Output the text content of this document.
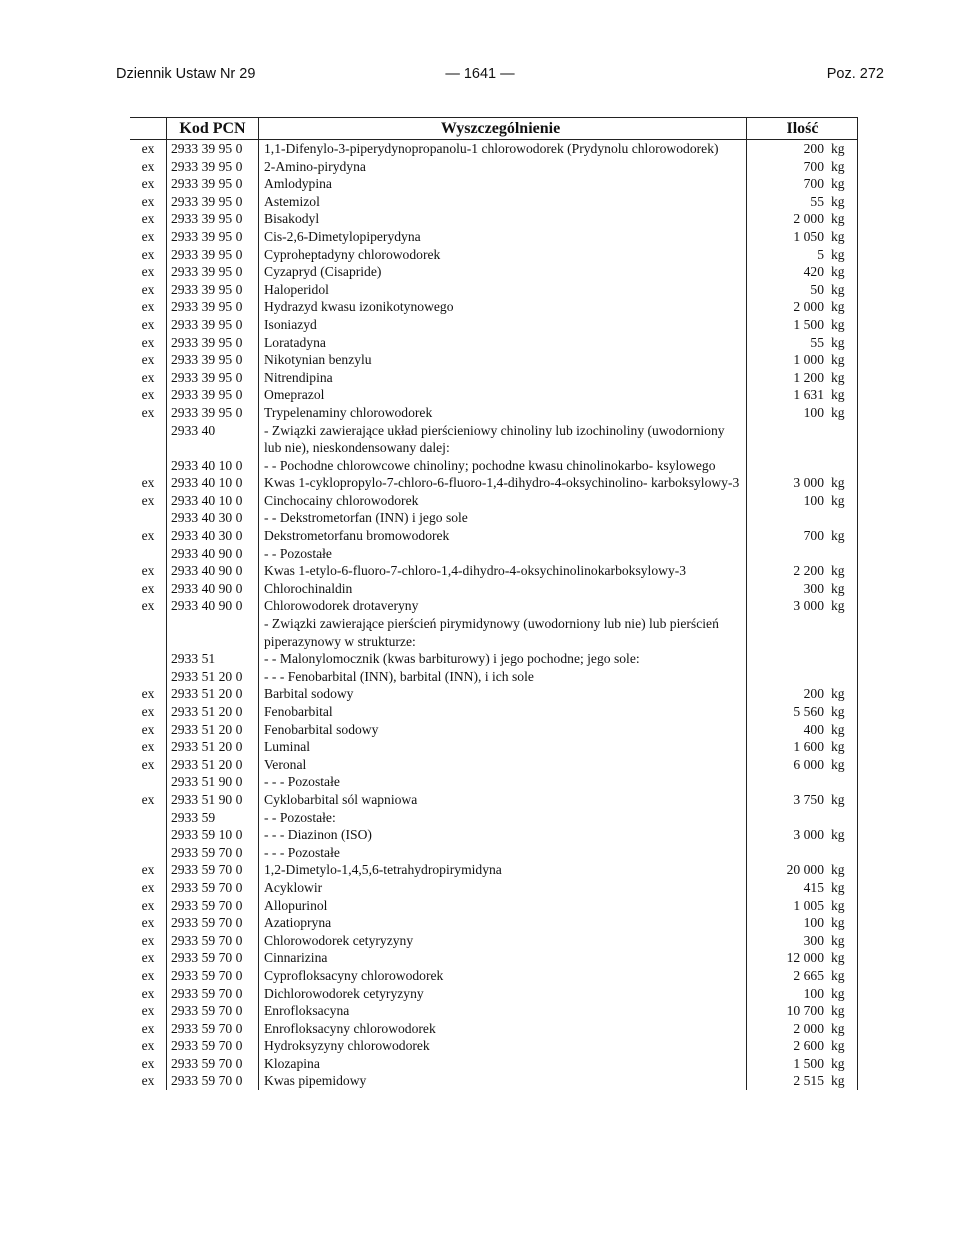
Dziennik Ustaw Nr 29	— 1641 —	Poz. 272
Kod PCN	Wyszczególnienie	Ilość
ex	2933 39 95 0	1,1-Difenylo-3-piperydynopropanolu-1 chlorowodorek (Prydynolu chlorowodorek)	200 kg
ex	2933 39 95 0	2-Amino-pirydyna	700 kg
ex	2933 39 95 0	Amlodypina	700 kg
ex	2933 39 95 0	Astemizol	55 kg
ex	2933 39 95 0	Bisakodyl	2 000 kg
ex	2933 39 95 0	Cis-2,6-Dimetylopiperydyna	1 050 kg
ex	2933 39 95 0	Cyproheptadyny chlorowodorek	5 kg
ex	2933 39 95 0	Cyzapryd (Cisapride)	420 kg
ex	2933 39 95 0	Haloperidol	50 kg
ex	2933 39 95 0	Hydrazyd kwasu izonikotynowego	2 000 kg
ex	2933 39 95 0	Isoniazyd	1 500 kg
ex	2933 39 95 0	Loratadyna	55 kg
ex	2933 39 95 0	Nikotynian benzylu	1 000 kg
ex	2933 39 95 0	Nitrendipina	1 200 kg
ex	2933 39 95 0	Omeprazol	1 631 kg
ex	2933 39 95 0	Trypelenaminy chlorowodorek	100 kg
2933 40	- Związki zawierające układ pierścieniowy chinoliny lub izochinoliny (uwodorniony lub nie), nieskondensowany dalej:
2933 40 10 0	- - Pochodne chlorowcowe chinoliny; pochodne kwasu chinolinokarbo- ksylowego
ex	2933 40 10 0	Kwas 1-cyklopropylo-7-chloro-6-fluoro-1,4-dihydro-4-oksychinolino- karboksylowy-3	3 000 kg
ex	2933 40 10 0	Cinchocainy chlorowodorek	100 kg
2933 40 30 0	- - Dekstrometorfan (INN) i jego sole
ex	2933 40 30 0	Dekstrometorfanu bromowodorek	700 kg
2933 40 90 0	- - Pozostałe
ex	2933 40 90 0	Kwas 1-etylo-6-fluoro-7-chloro-1,4-dihydro-4-oksychinolinokarboksylowy-3	2 200 kg
ex	2933 40 90 0	Chlorochinaldin	300 kg
ex	2933 40 90 0	Chlorowodorek drotaveryny	3 000 kg
- Związki zawierające pierścień pirymidynowy (uwodorniony lub nie) lub pierścień piperazynowy w strukturze:
2933 51	- - Malonylomocznik (kwas barbiturowy) i jego pochodne; jego sole:
2933 51 20 0	- - - Fenobarbital (INN), barbital (INN), i ich sole
ex	2933 51 20 0	Barbital sodowy	200 kg
ex	2933 51 20 0	Fenobarbital	5 560 kg
ex	2933 51 20 0	Fenobarbital sodowy	400 kg
ex	2933 51 20 0	Luminal	1 600 kg
ex	2933 51 20 0	Veronal	6 000 kg
2933 51 90 0	- - - Pozostałe
ex	2933 51 90 0	Cyklobarbital sól wapniowa	3 750 kg
2933 59	- - Pozostałe:
2933 59 10 0	- - - Diazinon (ISO)	3 000 kg
2933 59 70 0	- - - Pozostałe
ex	2933 59 70 0	1,2-Dimetylo-1,4,5,6-tetrahydropirymidyna	20 000 kg
ex	2933 59 70 0	Acyklowir	415 kg
ex	2933 59 70 0	Allopurinol	1 005 kg
ex	2933 59 70 0	Azatiopryna	100 kg
ex	2933 59 70 0	Chlorowodorek cetyryzyny	300 kg
ex	2933 59 70 0	Cinnarizina	12 000 kg
ex	2933 59 70 0	Cyprofloksacyny chlorowodorek	2 665 kg
ex	2933 59 70 0	Dichlorowodorek cetyryzyny	100 kg
ex	2933 59 70 0	Enrofloksacyna	10 700 kg
ex	2933 59 70 0	Enrofloksacyny chlorowodorek	2 000 kg
ex	2933 59 70 0	Hydroksyzyny chlorowodorek	2 600 kg
ex	2933 59 70 0	Klozapina	1 500 kg
ex	2933 59 70 0	Kwas pipemidowy	2 515 kg
